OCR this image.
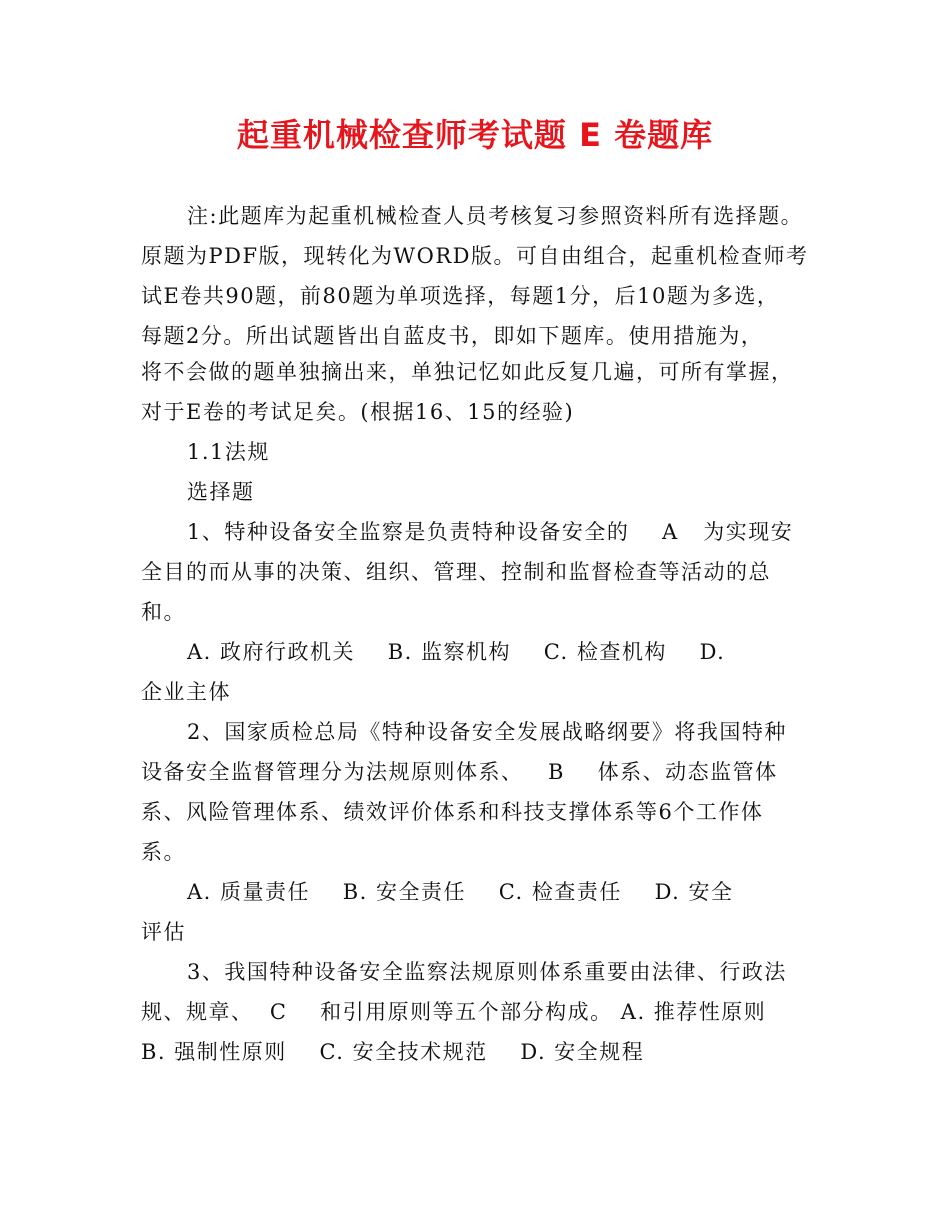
起重机械检查师考试题 E 卷题库
注:此题库为起重机械检查人员考核复习参照资料所有选择题。
原题为PDF版，现转化为WORD版。可自由组合，起重机检查师考
试E卷共90题，前80题为单项选择，每题1分，后10题为多选，
每题2分。所出试题皆出自蓝皮书，即如下题库。使用措施为，
将不会做的题单独摘出来，单独记忆如此反复几遍，可所有掌握，
对于E卷的考试足矣。(根据16、15的经验)
1.1法规
选择题
1、特种设备安全监察是负责特种设备安全的    A   为实现安
全目的而从事的决策、组织、管理、控制和监督检查等活动的总
和。
A. 政府行政机关    B. 监察机构    C. 检查机构    D.
企业主体
2、国家质检总局《特种设备安全发展战略纲要》将我国特种
设备安全监督管理分为法规原则体系、   B    体系、动态监管体
系、风险管理体系、绩效评价体系和科技支撑体系等6个工作体
系。
A. 质量责任    B. 安全责任    C. 检查责任    D. 安全
评估
3、我国特种设备安全监察法规原则体系重要由法律、行政法
规、规章、  C    和引用原则等五个部分构成。 A. 推荐性原则
B. 强制性原则    C. 安全技术规范    D. 安全规程
